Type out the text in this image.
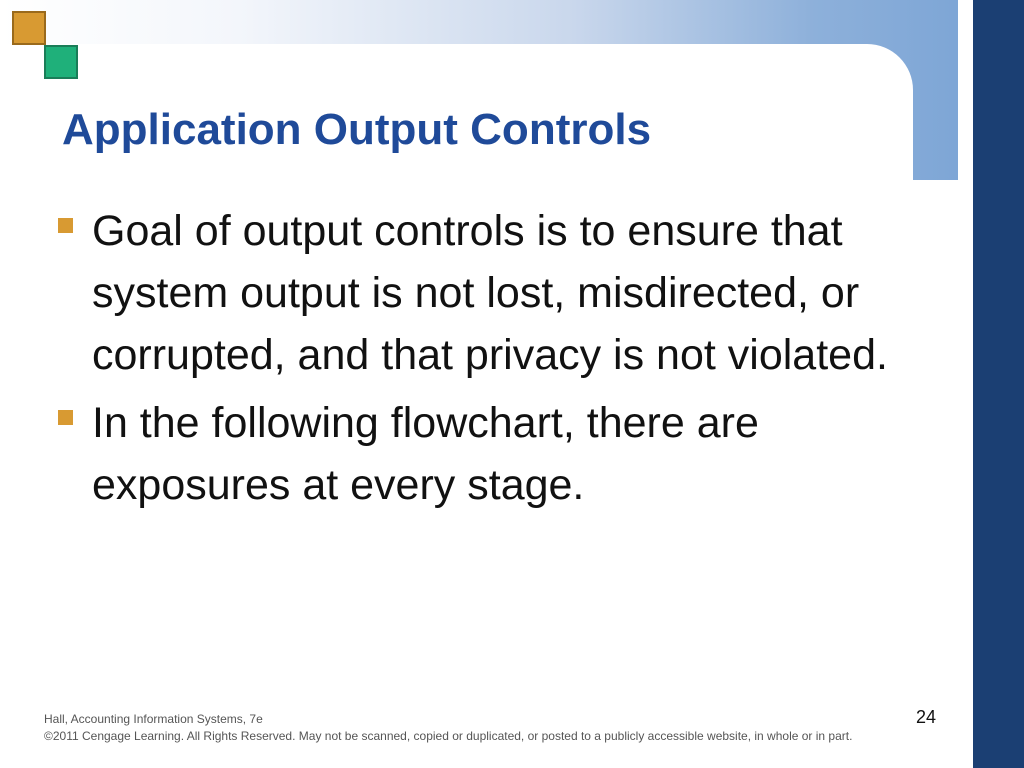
Application Output Controls
Goal of output controls is to ensure that system output is not lost, misdirected, or corrupted, and that privacy is not violated.
In the following flowchart, there are exposures at every stage.
Hall, Accounting Information Systems, 7e
©2011 Cengage Learning. All Rights Reserved. May not be scanned, copied or duplicated, or posted to a publicly accessible website, in whole or in part.
24
